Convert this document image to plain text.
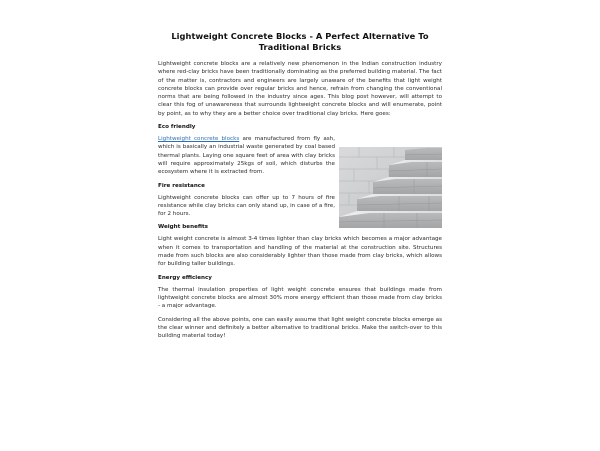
Lightweight Concrete Blocks - A Perfect Alternative To Traditional Bricks

Lightweight concrete blocks are a relatively new phenomenon in the Indian construction industry where red-clay bricks have been traditionally dominating as the preferred building material. The fact of the matter is, contractors and engineers are largely unaware of the benefits that light weight concrete blocks can provide over regular bricks and hence, refrain from changing the conventional norms that are being followed in the industry since ages. This blog post however, will attempt to clear this fog of unawareness that surrounds lightweight concrete blocks and will enumerate, point by point, as to why they are a better choice over traditional clay bricks. Here goes:

Eco friendly

Lightweight concrete blocks are manufactured from fly ash, which is basically an industrial waste generated by coal based thermal plants. Laying one square feet of area with clay bricks will require approximately 25kgs of soil, which disturbs the ecosystem where it is extracted from.

Fire resistance

Lightweight concrete blocks can offer up to 7 hours of fire resistance while clay bricks can only stand up, in case of a fire, for 2 hours.

Weight benefits

Light weight concrete is almost 3-4 times lighter than clay bricks which becomes a major advantage when it comes to transportation and handling of the material at the construction site. Structures made from such blocks are also considerably lighter than those made from clay bricks, which allows for building taller buildings.

Energy efficiency

The thermal insulation properties of light weight concrete ensures that buildings made from lightweight concrete blocks are almost 30% more energy efficient than those made from clay bricks - a major advantage.

Considering all the above points, one can easily assume that light weight concrete blocks emerge as the clear winner and definitely a better alternative to traditional bricks. Make the switch-over to this building material today!
